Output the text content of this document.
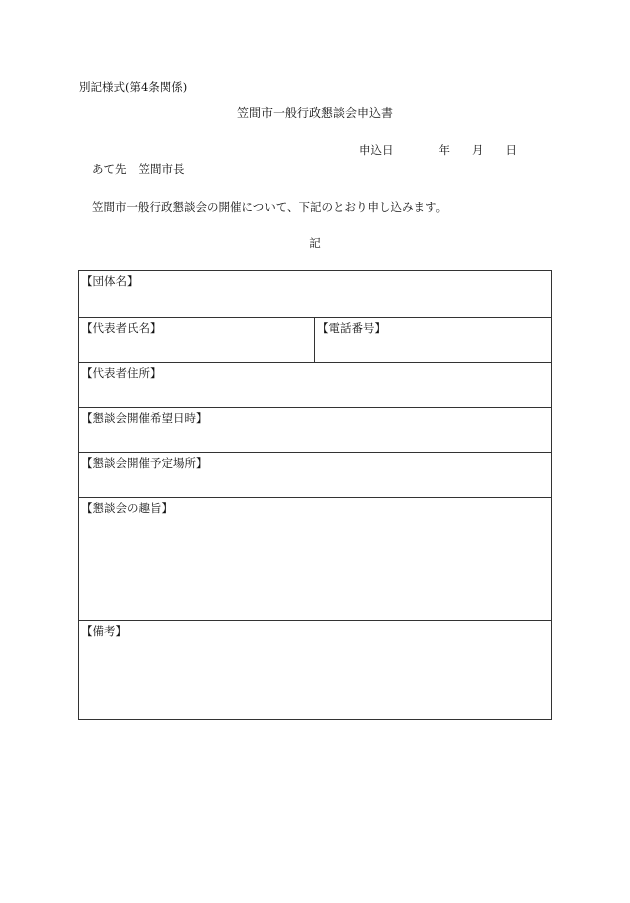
別記様式(第4条関係)
笠間市一般行政懇談会申込書
申込日	年 月 日
あて先 笠間市長
笠間市一般行政懇談会の開催について、下記のとおり申し込みます。
記
【団体名】
【代表者氏名】	【電話番号】
【代表者住所】
【懇談会開催希望日時】
【懇談会開催予定場所】
【懇談会の趣旨】
【備考】
